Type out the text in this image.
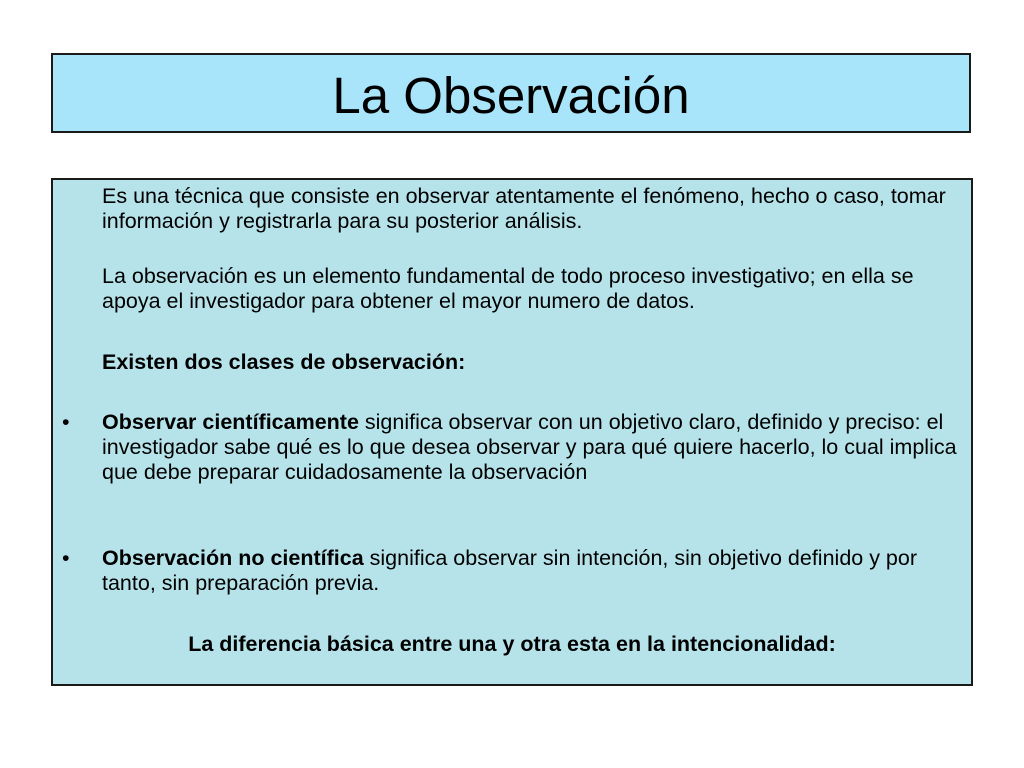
La Observación
Es una técnica que consiste en observar atentamente el fenómeno, hecho o caso, tomar información y registrarla para su posterior análisis.
La observación es un elemento fundamental de todo proceso investigativo; en ella se apoya el investigador para obtener el mayor numero de datos.
Existen dos clases de observación:
• Observar científicamente significa observar con un objetivo claro, definido y preciso: el investigador sabe qué es lo que desea observar y para qué quiere hacerlo, lo cual implica que debe preparar cuidadosamente la observación
• Observación no científica significa observar sin intención, sin objetivo definido y por tanto, sin preparación previa.
La diferencia básica entre una y otra esta en la intencionalidad:
